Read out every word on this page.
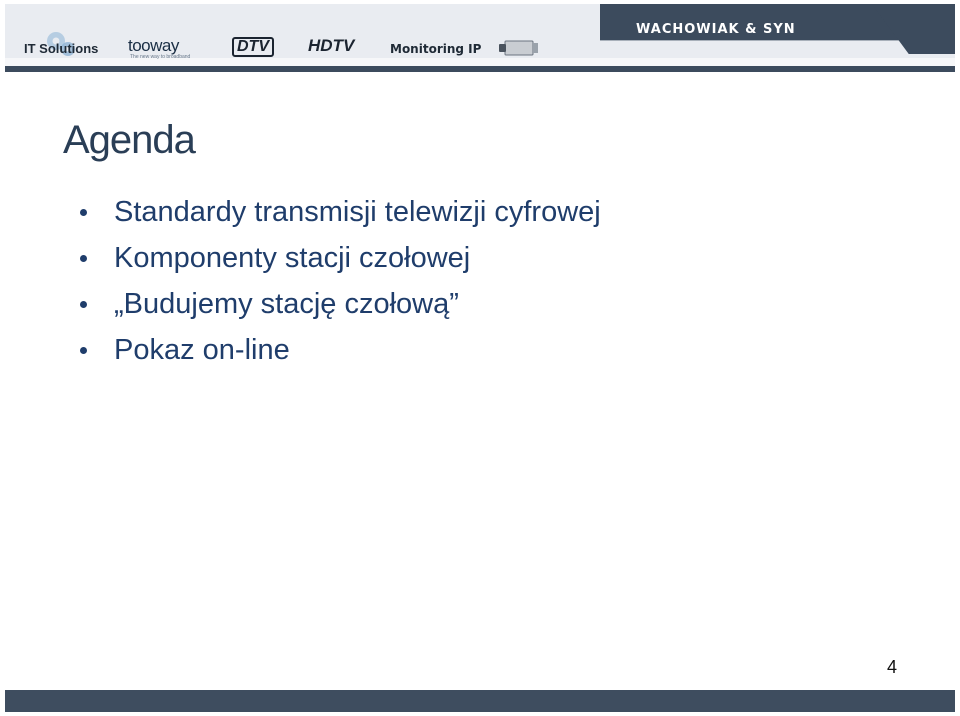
IT Solutions tooway
The new way to broadband
DTV HDTV	Monitoring IP
WACHOWIAK & SYN
Agenda
Standardy transmisji telewizji cyfrowej
Komponenty stacji czołowej
„Budujemy stację czołową”
Pokaz on-line
4
